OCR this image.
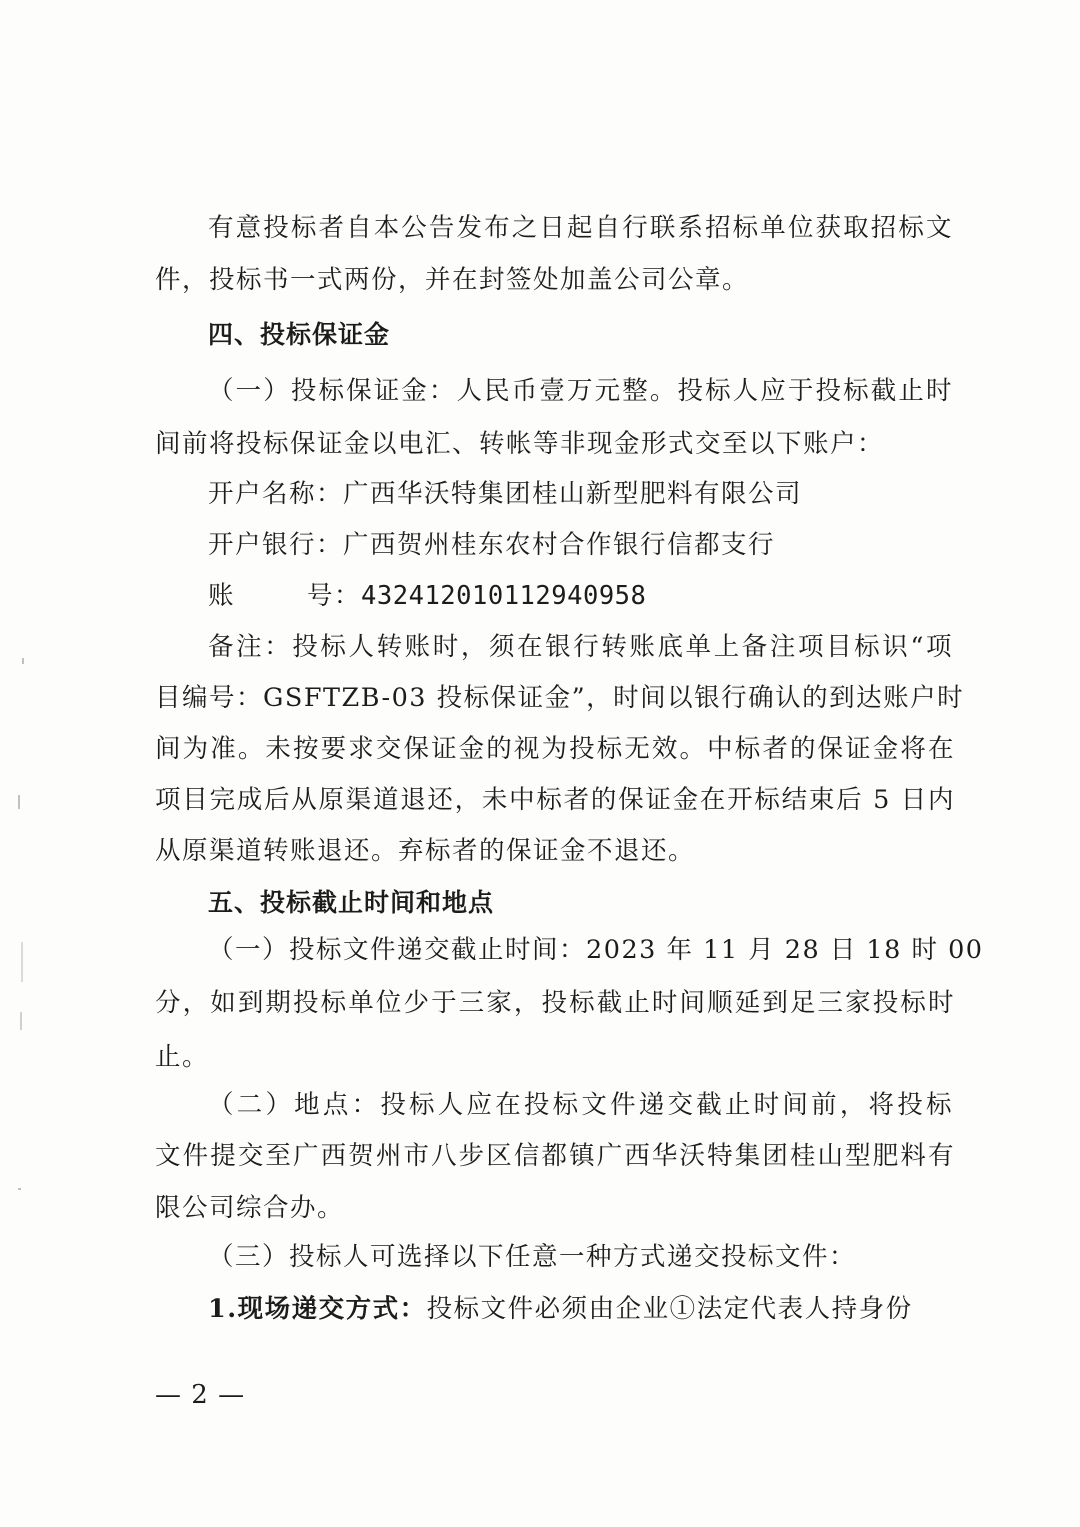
有意投标者自本公告发布之日起自行联系招标单位获取招标文
件，投标书一式两份，并在封签处加盖公司公章。
四、投标保证金
（一）投标保证金：人民币壹万元整。投标人应于投标截止时
间前将投标保证金以电汇、转帐等非现金形式交至以下账户：
开户名称：广西华沃特集团桂山新型肥料有限公司
开户银行：广西贺州桂东农村合作银行信都支行
账	号：432412010112940958
备注：投标人转账时，须在银行转账底单上备注项目标识“项
目编号：GSFTZB-03 投标保证金”，时间以银行确认的到达账户时
间为准。未按要求交保证金的视为投标无效。中标者的保证金将在
项目完成后从原渠道退还，未中标者的保证金在开标结束后 5 日内
从原渠道转账退还。弃标者的保证金不退还。
五、投标截止时间和地点
（一）投标文件递交截止时间：2023 年 11 月 28 日 18 时 00
分，如到期投标单位少于三家，投标截止时间顺延到足三家投标时
止。
（二）地点：投标人应在投标文件递交截止时间前，将投标
文件提交至广西贺州市八步区信都镇广西华沃特集团桂山型肥料有
限公司综合办。
（三）投标人可选择以下任意一种方式递交投标文件：
1.现场递交方式：投标文件必须由企业①法定代表人持身份
— 2 —
